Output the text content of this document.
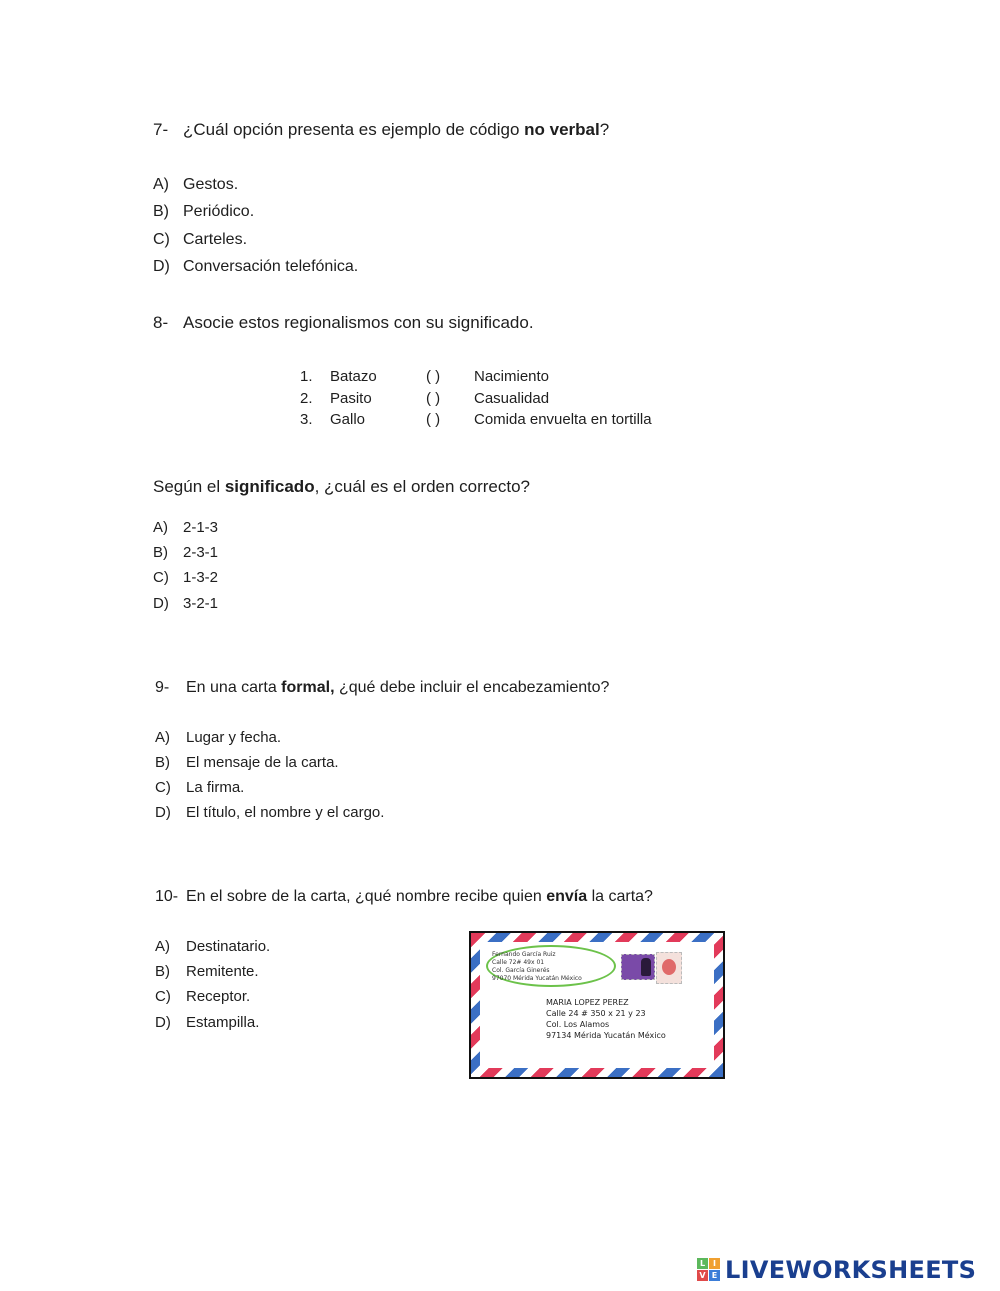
7- ¿Cuál opción presenta es ejemplo de código no verbal?
A) Gestos.
B) Periódico.
C) Carteles.
D) Conversación telefónica.
8- Asocie estos regionalismos con su significado.
1. Batazo	( ) Nacimiento
2. Pasito	( ) Casualidad
3. Gallo	( ) Comida envuelta en tortilla
Según el significado, ¿cuál es el orden correcto?
A) 2-1-3
B) 2-3-1
C) 1-3-2
D) 3-2-1
9- En una carta formal, ¿qué debe incluir el encabezamiento?
A) Lugar y fecha.
B) El mensaje de la carta.
C) La firma.
D) El título, el nombre y el cargo.
10- En el sobre de la carta, ¿qué nombre recibe quien envía la carta?
A) Destinatario.
B) Remitente.
C) Receptor.
D) Estampilla.
Fernando García Ruiz
Calle 72# 49x 01
Col. García Ginerés
97070 Mérida Yucatán México
MARIA LOPEZ PEREZ
Calle 24 # 350 x 21 y 23
Col. Los Alamos
97134 Mérida Yucatán México
L I
V E LIVEWORKSHEETS
